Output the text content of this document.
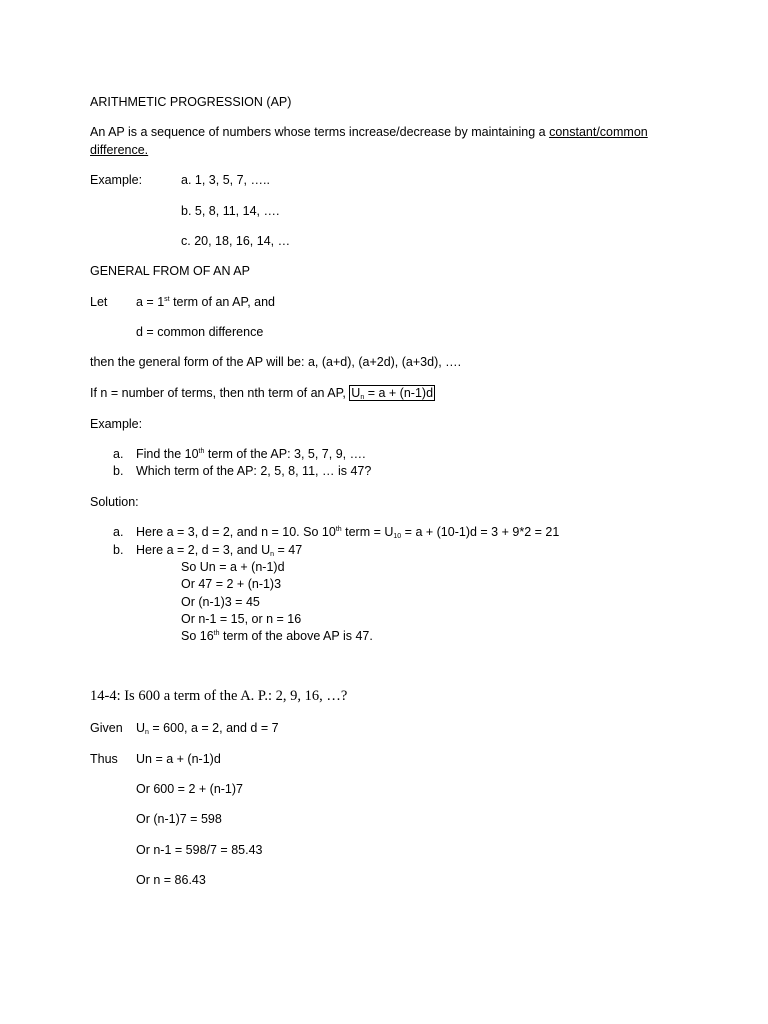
ARITHMETIC PROGRESSION (AP)
An AP is a sequence of numbers whose terms increase/decrease by maintaining a constant/common
difference.
Example:	a. 1, 3, 5, 7, …..
b. 5, 8, 11, 14, ….
c. 20, 18, 16, 14, …
GENERAL FROM OF AN AP
Let a = 1st term of an AP, and
d = common difference
then the general form of the AP will be: a, (a+d), (a+2d), (a+3d), ….
If n = number of terms, then nth term of an AP, $U_n = a + (n-1)d$
Example:
a. Find the 10th term of the AP: 3, 5, 7, 9, ….
b. Which term of the AP: 2, 5, 8, 11, … is 47?
Solution:
a. Here a = 3, d = 2, and n = 10. So 10th term = $U_{10} = a + (10-1)d = 3 + 9*2 = 21$
b. Here a = 2, d = 3, and $U_n = 47$
So Un = a + (n-1)d
Or 47 = 2 + (n-1)3
Or (n-1)3 = 45
Or n-1 = 15, or n = 16
So 16th term of the above AP is 47.
14-4: Is 600 a term of the A. P.: 2, 9, 16, …?
Given $U_n = 600$, a = 2, and d = 7
Thus Un = a + (n-1)d
Or 600 = 2 + (n-1)7
Or (n-1)7 = 598
Or n-1 = 598/7 = 85.43
Or n = 86.43
